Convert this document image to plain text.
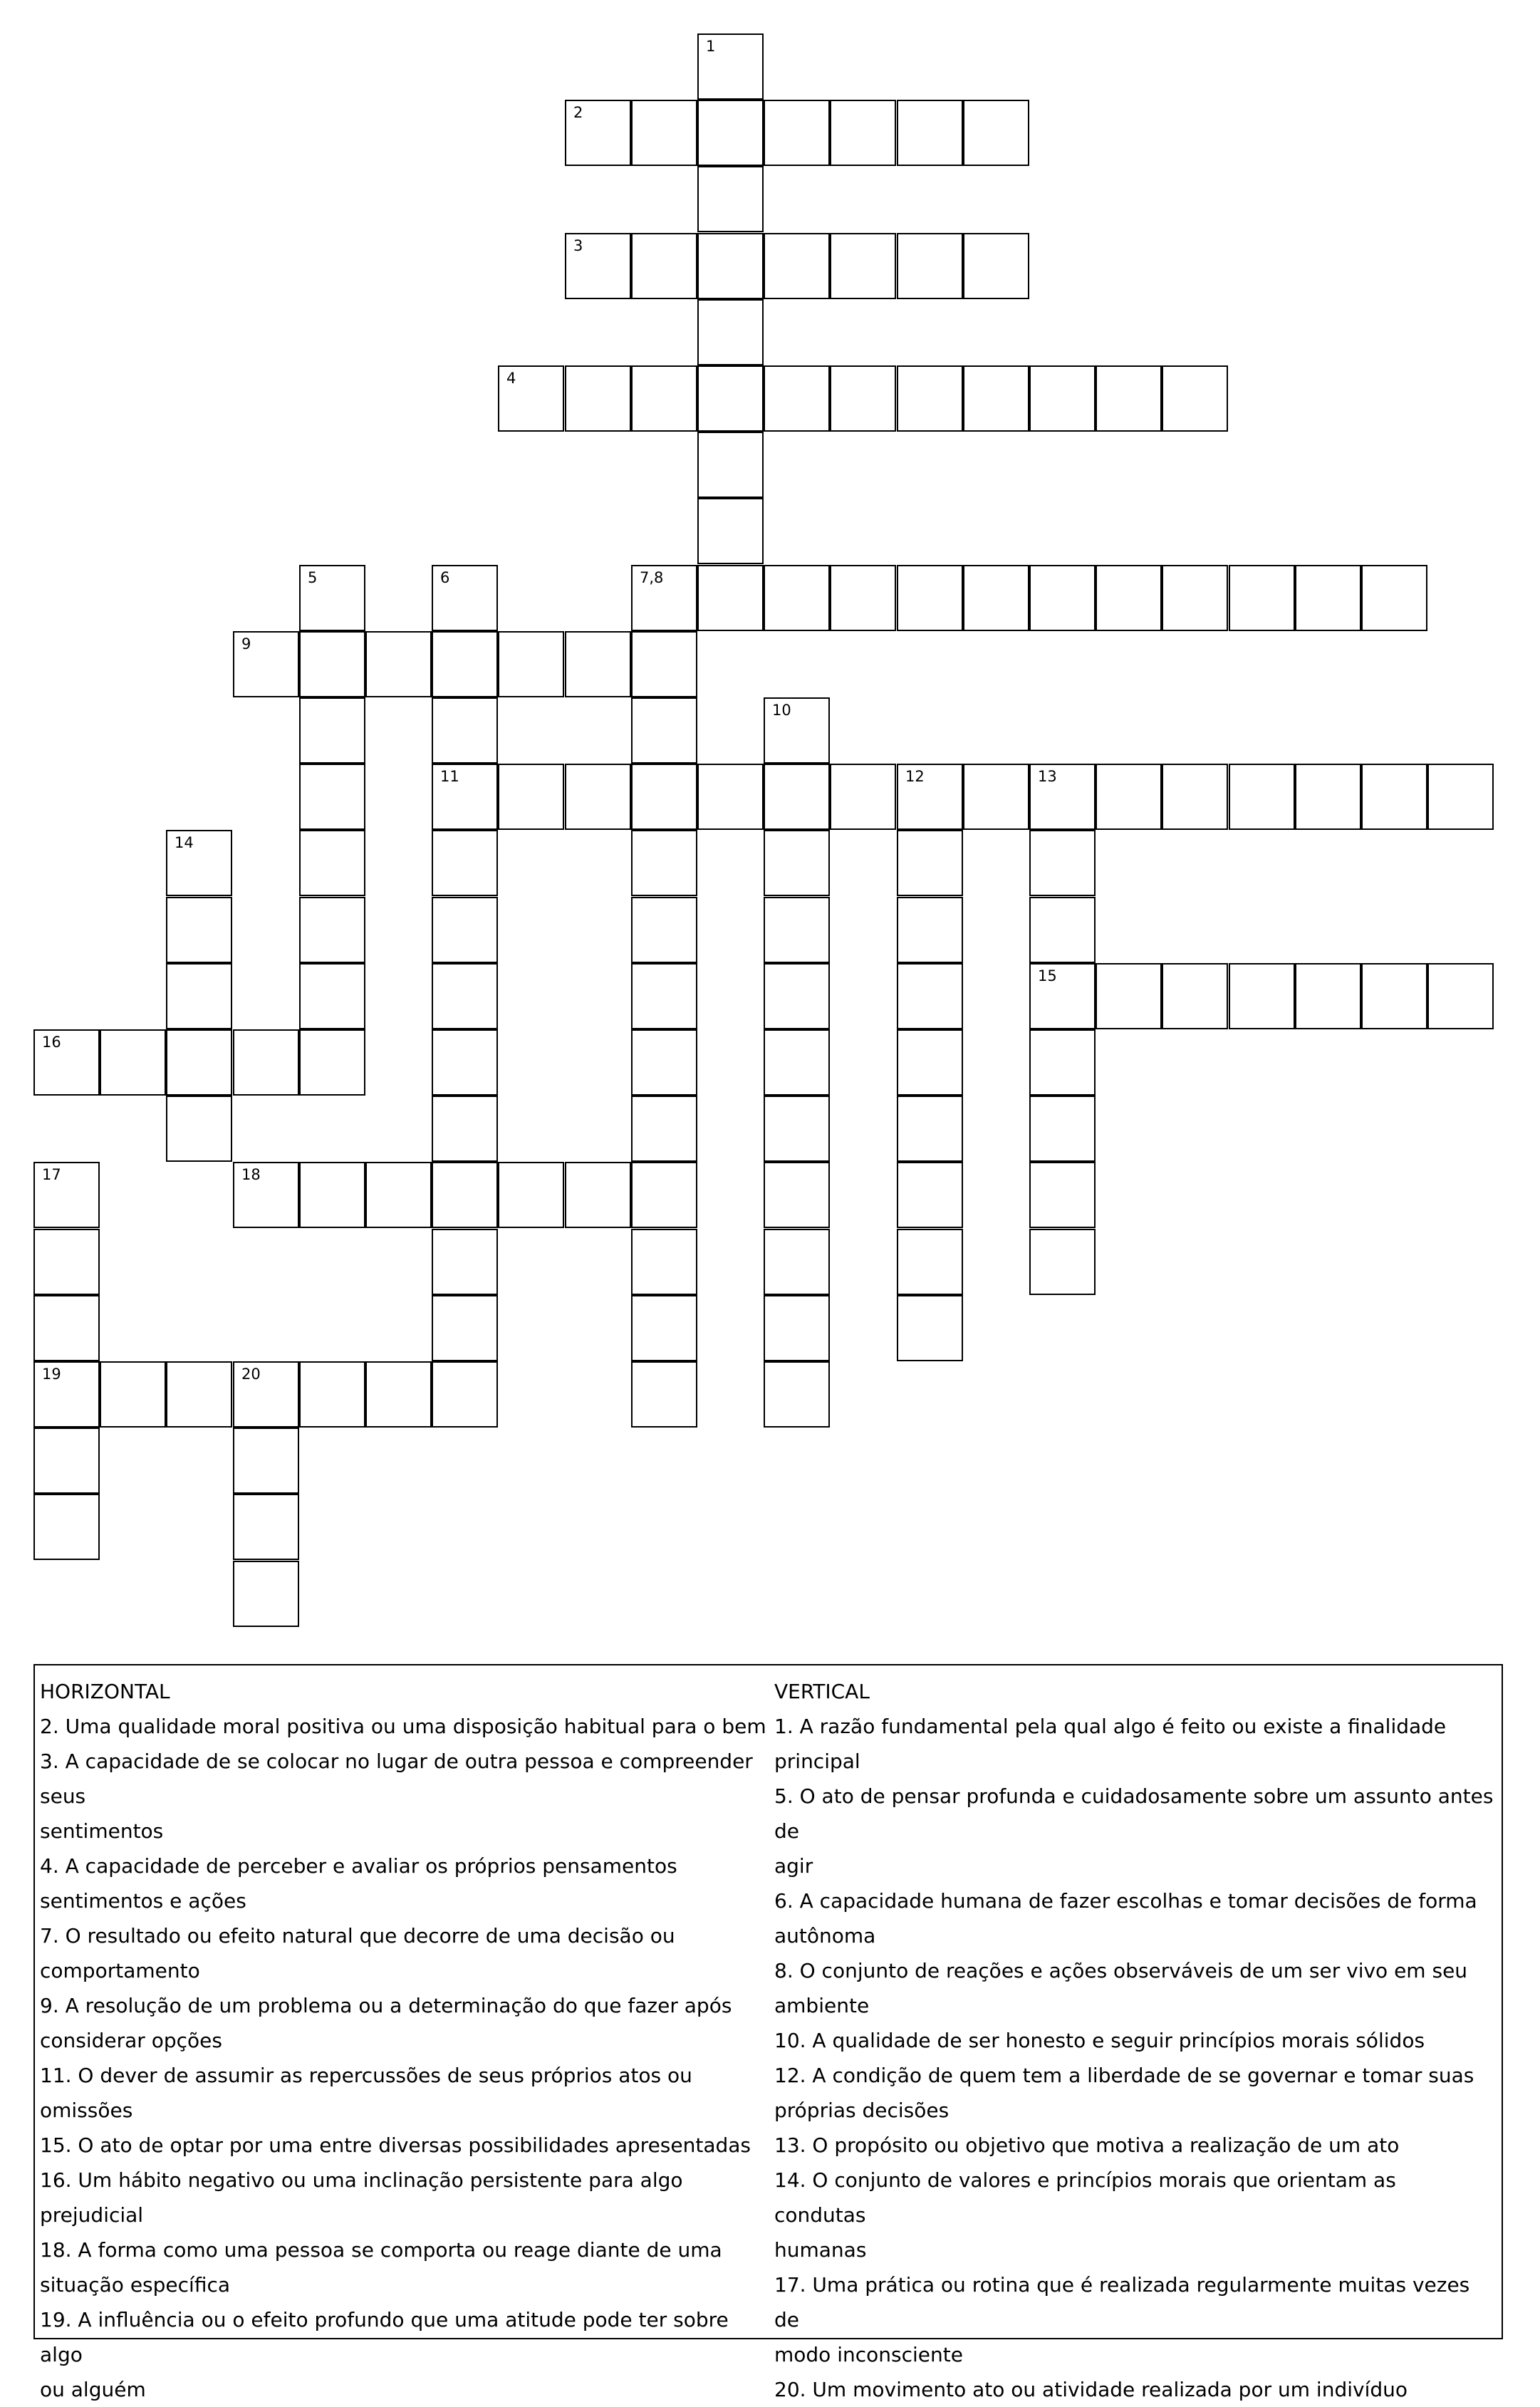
1
2
3
4
5	6	7,8
9
10
11	12	13
14
15
16
17	18
19	20
HORIZONTAL
2. Uma qualidade moral positiva ou uma disposição habitual para o bem
3. A capacidade de se colocar no lugar de outra pessoa e compreender seus
sentimentos
4. A capacidade de perceber e avaliar os próprios pensamentos
sentimentos e ações
7. O resultado ou efeito natural que decorre de uma decisão ou
comportamento
9. A resolução de um problema ou a determinação do que fazer após
considerar opções
11. O dever de assumir as repercussões de seus próprios atos ou omissões
15. O ato de optar por uma entre diversas possibilidades apresentadas
16. Um hábito negativo ou uma inclinação persistente para algo prejudicial
18. A forma como uma pessoa se comporta ou reage diante de uma
situação específica
19. A influência ou o efeito profundo que uma atitude pode ter sobre algo
ou alguém
VERTICAL
1. A razão fundamental pela qual algo é feito ou existe a finalidade
principal
5. O ato de pensar profunda e cuidadosamente sobre um assunto antes de
agir
6. A capacidade humana de fazer escolhas e tomar decisões de forma
autônoma
8. O conjunto de reações e ações observáveis de um ser vivo em seu
ambiente
10. A qualidade de ser honesto e seguir princípios morais sólidos
12. A condição de quem tem a liberdade de se governar e tomar suas
próprias decisões
13. O propósito ou objetivo que motiva a realização de um ato
14. O conjunto de valores e princípios morais que orientam as condutas
humanas
17. Uma prática ou rotina que é realizada regularmente muitas vezes de
modo inconsciente
20. Um movimento ato ou atividade realizada por um indivíduo
